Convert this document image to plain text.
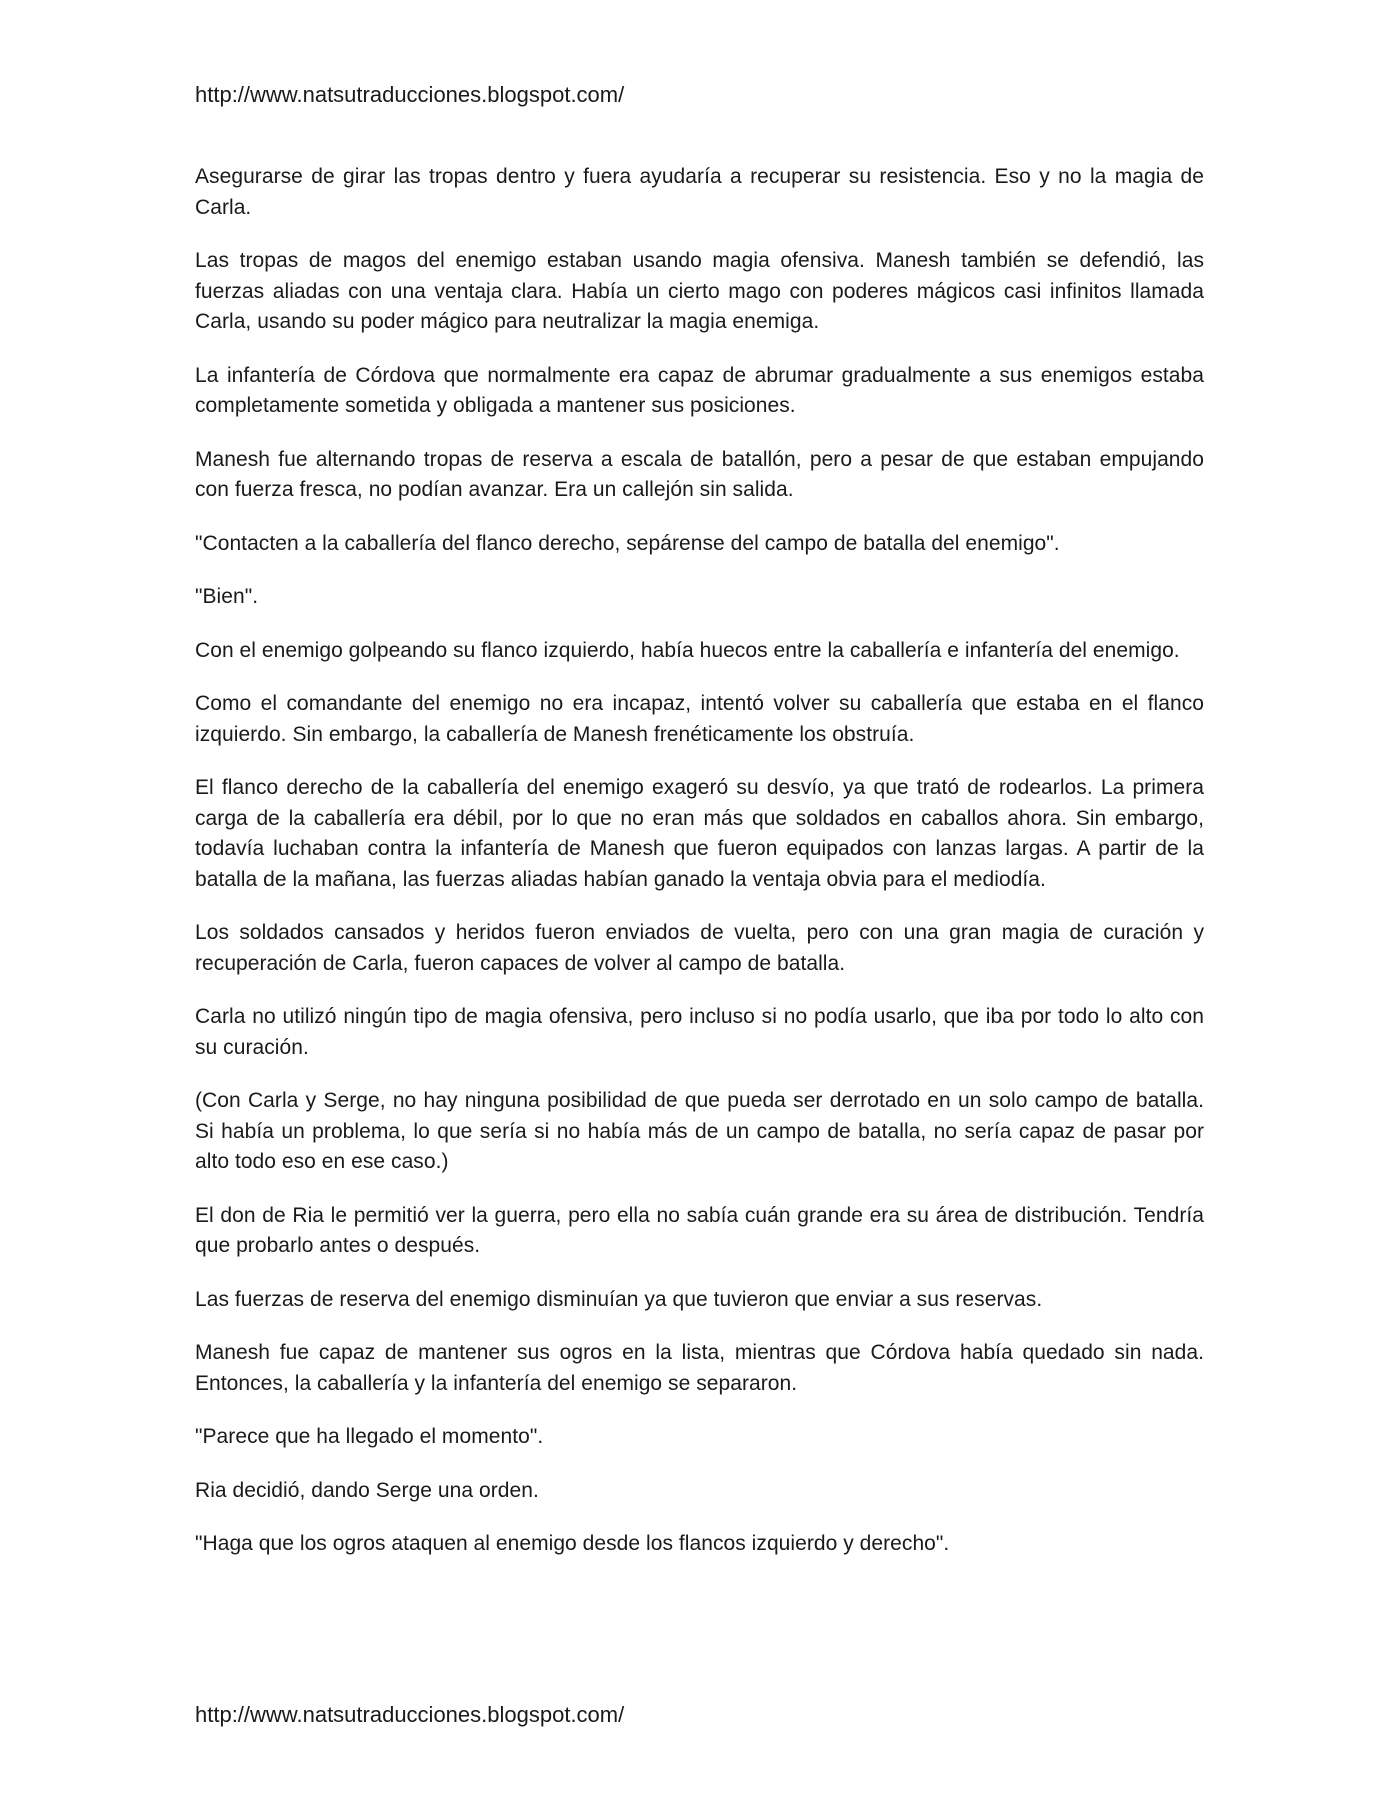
http://www.natsutraducciones.blogspot.com/

Asegurarse de girar las tropas dentro y fuera ayudaría a recuperar su resistencia. Eso y no la magia de Carla.

Las tropas de magos del enemigo estaban usando magia ofensiva. Manesh también se defendió, las fuerzas aliadas con una ventaja clara. Había un cierto mago con poderes mágicos casi infinitos llamada Carla, usando su poder mágico para neutralizar la magia enemiga.

La infantería de Córdova que normalmente era capaz de abrumar gradualmente a sus enemigos estaba completamente sometida y obligada a mantener sus posiciones.

Manesh fue alternando tropas de reserva a escala de batallón, pero a pesar de que estaban empujando con fuerza fresca, no podían avanzar. Era un callejón sin salida.

"Contacten a la caballería del flanco derecho, sepárense del campo de batalla del enemigo".

"Bien".

Con el enemigo golpeando su flanco izquierdo, había huecos entre la caballería e infantería del enemigo.

Como el comandante del enemigo no era incapaz, intentó volver su caballería que estaba en el flanco izquierdo. Sin embargo, la caballería de Manesh frenéticamente los obstruía.

El flanco derecho de la caballería del enemigo exageró su desvío, ya que trató de rodearlos. La primera carga de la caballería era débil, por lo que no eran más que soldados en caballos ahora. Sin embargo, todavía luchaban contra la infantería de Manesh que fueron equipados con lanzas largas. A partir de la batalla de la mañana, las fuerzas aliadas habían ganado la ventaja obvia para el mediodía.

Los soldados cansados y heridos fueron enviados de vuelta, pero con una gran magia de curación y recuperación de Carla, fueron capaces de volver al campo de batalla.

Carla no utilizó ningún tipo de magia ofensiva, pero incluso si no podía usarlo, que iba por todo lo alto con su curación.

(Con Carla y Serge, no hay ninguna posibilidad de que pueda ser derrotado en un solo campo de batalla. Si había un problema, lo que sería si no había más de un campo de batalla, no sería capaz de pasar por alto todo eso en ese caso.)

El don de Ria le permitió ver la guerra, pero ella no sabía cuán grande era su área de distribución. Tendría que probarlo antes o después.

Las fuerzas de reserva del enemigo disminuían ya que tuvieron que enviar a sus reservas.

Manesh fue capaz de mantener sus ogros en la lista, mientras que Córdova había quedado sin nada. Entonces, la caballería y la infantería del enemigo se separaron.

"Parece que ha llegado el momento".

Ria decidió, dando Serge una orden.

"Haga que los ogros ataquen al enemigo desde los flancos izquierdo y derecho".

http://www.natsutraducciones.blogspot.com/
